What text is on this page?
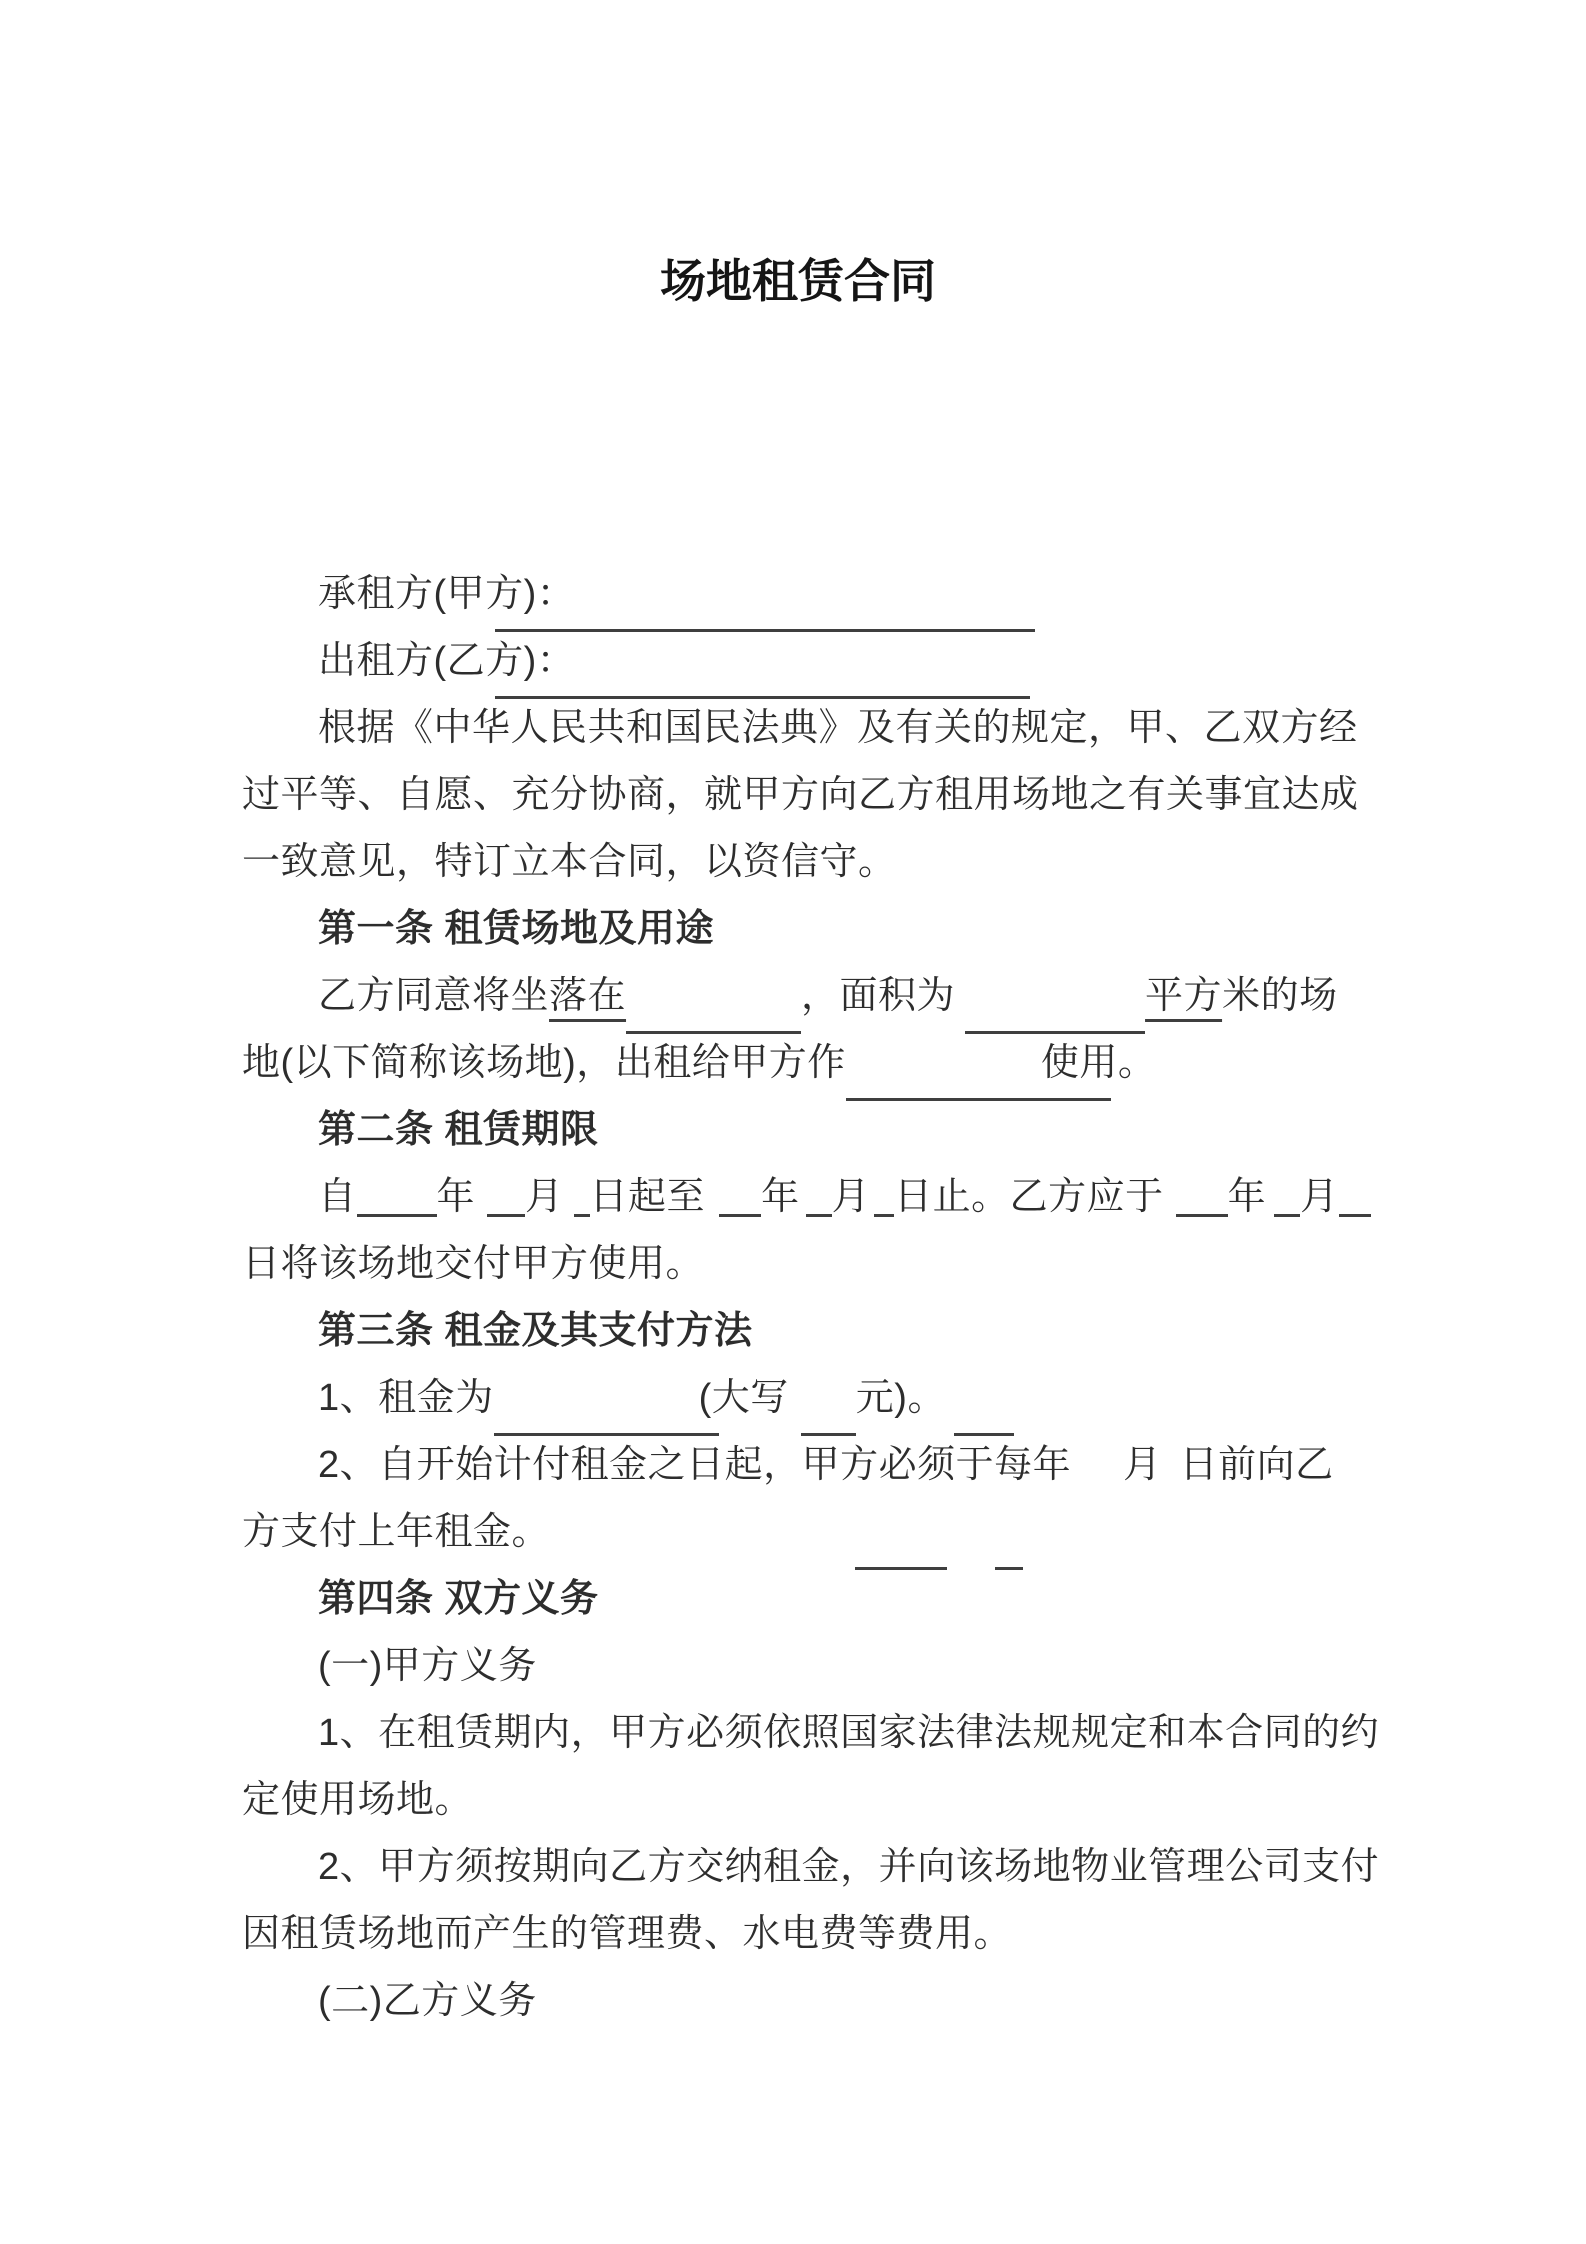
场地租赁合同
承租方(甲方)：
出租方(乙方)：
根据《中华人民共和国民法典》及有关的规定，甲、乙双方经
过平等、自愿、充分协商，就甲方向乙方租用场地之有关事宜达成
一致意见，特订立本合同，以资信守。
第一条 租赁场地及用途
乙方同意将坐落在	，面积为	平方米的场
地(以下简称该场地)，出租给甲方作	使用。
第二条 租赁期限
自 年 月 日起至 年 月 日止。乙方应于 年 月
日将该场地交付甲方使用。
第三条 租金及其支付方法
1、租金为	(大写 元)。
2、自开始计付租金之日起，甲方必须于每年 月 日前向乙
方支付上年租金。
第四条 双方义务
(一)甲方义务
1、在租赁期内，甲方必须依照国家法律法规规定和本合同的约
定使用场地。
2、甲方须按期向乙方交纳租金，并向该场地物业管理公司支付
因租赁场地而产生的管理费、水电费等费用。
(二)乙方义务
